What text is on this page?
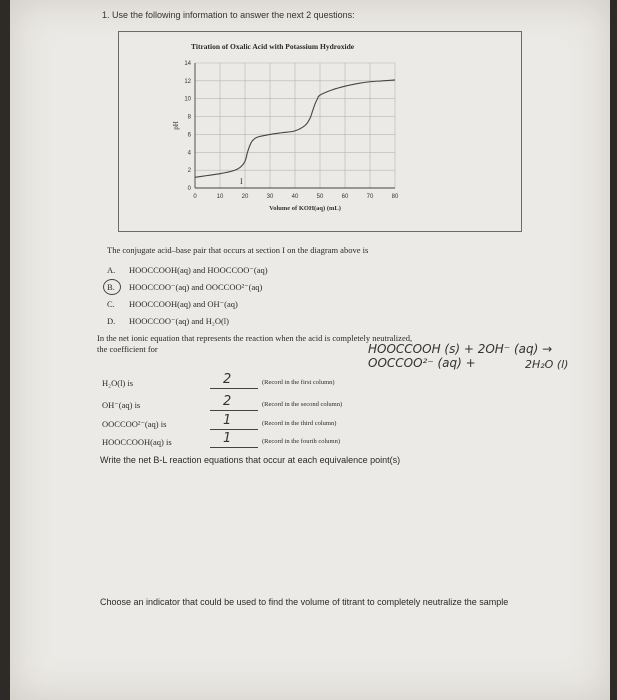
1. Use the following information to answer the next 2 questions:
Titration of Oxalic Acid with Potassium Hydroxide
0	10	20	30	40	50	60	70	80
0
2
4
6
8
10
12
14
pH
Volume of KOH(aq) (mL)
I
The conjugate acid–base pair that occurs at section I on the diagram above is
A. HOOCCOOH(aq) and HOOCCOO⁻(aq)
B. HOOCCOO⁻(aq) and OOCCOO²⁻(aq)
C. HOOCCOOH(aq) and OH⁻(aq)
D. HOOCCOO⁻(aq) and H₂O(l)
In the net ionic equation that represents the reaction when the acid is completely neutralized,
the coefficient for	HOOCCOOH (s) + 2OH⁻ (aq) → OOCCOO²⁻ (aq) +	2H₂O (l)
H₂O(l) is	2	(Record in the first column)
OH⁻(aq) is	2	(Record in the second column)
OOCCOO²⁻(aq) is	1	(Record in the third column)
HOOCCOOH(aq) is	1	(Record in the fourth column)
Write the net B-L reaction equations that occur at each equivalence point(s)
Choose an indicator that could be used to find the volume of titrant to completely neutralize the sample
